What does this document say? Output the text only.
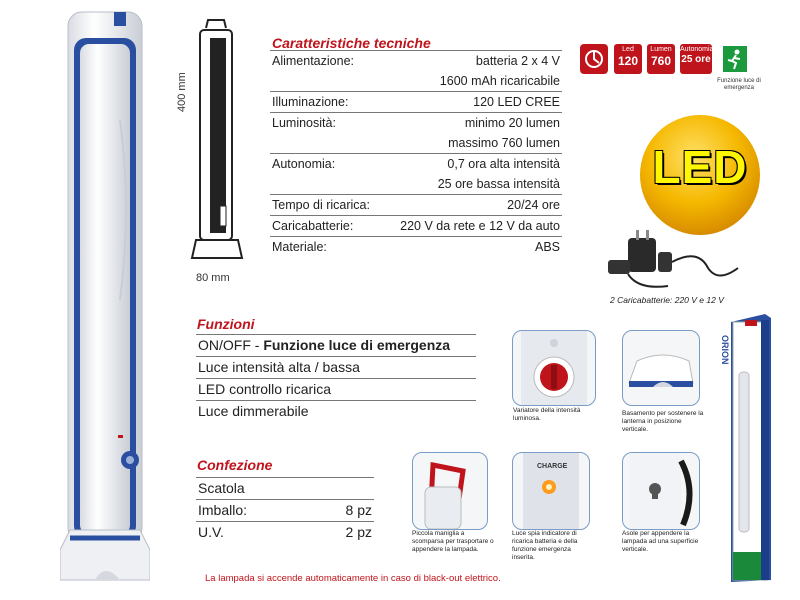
400 mm
80 mm
Caratteristiche tecniche
Alimentazione:	batteria 2 x 4 V
1600 mAh ricaricabile
Illuminazione:	120 LED CREE
Luminosità:	minimo 20 lumen
massimo 760 lumen
Autonomia:	0,7 ora alta intensità
25 ore bassa intensità
Tempo di ricarica:	20/24 ore
Caricabatterie:	220 V da rete e 12 V da auto
Materiale:	ABS
Led
120
Lumen
760
Autonomia
25 ore
Funzione luce di emergenza
LED
2 Caricabatterie: 220 V e 12 V
Funzioni
ON/OFF - Funzione luce di emergenza
Luce intensità alta / bassa
LED controllo ricarica
Luce dimmerabile
Confezione
Scatola
Imballo:	8 pz
U.V.	2 pz
Variatore della intensità luminosa.
Basamento per sostenere la lanterna in posizione verticale.
Piccola maniglia a scomparsa per trasportare o appendere la lampada.
CHARGE
Luce spia indicatore di ricarica batteria e della funzione emergenza inserita.
Asole per appendere la lampada ad una superficie verticale.
ORION
La lampada si accende automaticamente in caso di black-out elettrico.
